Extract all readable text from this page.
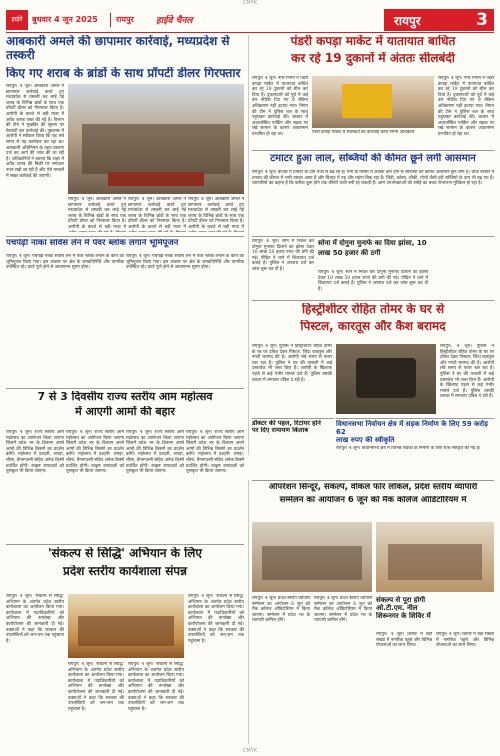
CMYK
हाईवे	बुधवार 4 जून 2025 रायपुर हाईवे चैनल	रायपुर	3
आबकारी अमले की छापामार कार्रवाई, मध्यप्रदेश से तस्करी
किए गए शराब के ब्रांडों के साथ प्रॉपर्टी डीलर गिरफ्तार
रायपुर। 4 जून। आबकारी अमले ने छापामार कार्रवाई करते हुए मध्यप्रदेश से तस्करी कर लाई गई शराब के विभिन्न ब्रांडों के साथ एक प्रॉपर्टी डीलर को गिरफ्तार किया है। आरोपी के कब्जे से बड़ी मात्रा में अवैध शराब जब्त की गई है। विभाग की टीम ने मुखबिर की सूचना पर घेराबंदी कर कार्रवाई की। पूछताछ में आरोपी ने स्वीकार किया कि वह लंबे समय से यह कारोबार कर रहा था। आबकारी अधिनियम के तहत प्रकरण दर्ज कर आगे की जांच की जा रही है। अधिकारियों ने बताया कि शहर में अवैध शराब की बिक्री पर लगातार नजर रखी जा रही है और ऐसे मामलों में सख्त कार्रवाई की जाएगी।
रायपुर। 4 जून। आबकारी अमले ने छापामार कार्रवाई करते हुए मध्यप्रदेश से तस्करी कर लाई गई शराब के विभिन्न ब्रांडों के साथ एक प्रॉपर्टी डीलर को गिरफ्तार किया है। आरोपी के कब्जे से बड़ी मात्रा में
रायपुर। 4 जून। आबकारी अमले ने छापामार कार्रवाई करते हुए मध्यप्रदेश से तस्करी कर लाई गई शराब के विभिन्न ब्रांडों के साथ एक प्रॉपर्टी डीलर को गिरफ्तार किया है। आरोपी के कब्जे से बड़ी मात्रा में
रायपुर। 4 जून। आबकारी अमले ने छापामार कार्रवाई करते हुए मध्यप्रदेश से तस्करी कर लाई गई शराब के विभिन्न ब्रांडों के साथ एक प्रॉपर्टी डीलर को गिरफ्तार किया है। आरोपी के कब्जे से बड़ी मात्रा में
पंडरी कपड़ा मार्केट में यातायात बाधित
कर रहे 19 दुकानों में अंततः सीलबंदी
रायपुर। 4 जून। नगर निगम ने पंडरी कपड़ा मार्केट में यातायात बाधित कर रहे 19 दुकानों को सील कर दिया है। दुकानदारों को पूर्व में कई बार नोटिस दिए गए थे लेकिन अतिक्रमण नहीं हटाया गया। निगम की टीम ने पुलिस बल के साथ पहुंचकर कार्रवाई की। बाजार में अव्यवस्थित पार्किंग और सड़क पर रखे सामान के कारण आवागमन प्रभावित हो रहा था।	पंडरी कपड़ा मार्केट में सीलबंदी की कार्रवाई करते निगम अधिकारी
रायपुर। 4 जून। नगर निगम ने पंडरी कपड़ा मार्केट में यातायात बाधित कर रहे 19 दुकानों को सील कर दिया है। दुकानदारों को पूर्व में कई बार नोटिस दिए गए थे लेकिन अतिक्रमण नहीं हटाया गया। निगम की टीम ने पुलिस बल के साथ पहुंचकर कार्रवाई की। बाजार में अव्यवस्थित पार्किंग और सड़क पर रखे सामान के कारण आवागमन प्रभावित हो रहा था।
टमाटर हुआ लाल, सब्जियों की कीमत छूने लगी आसमान
रायपुर। 4 जून। बाजार में टमाटर के दाम तेजी से बढ़ रहे हैं। गर्मी के मौसम में आवक कम होने से सब्जियों की कीमतें आसमान छूने लगी हैं। थोक बाजार में टमाटर की कीमत में भारी उछाल आया है और चिल्हर में यह और महंगा बिक रहा है। भिंडी, करेला, लौकी, गोभी जैसी हरी सब्जियों के दाम भी बढ़ गए हैं। व्यापारियों का कहना है कि बारिश शुरू होने तक कीमतें ऊंची बनी रह सकती हैं। आम उपभोक्ताओं को रसोई का बजट संभालना मुश्किल हो रहा है।
पचपेढ़ी नाका सर्विस लेन में पेवर ब्लॉक लगाने भूमिपूजन
रायपुर। 4 जून। पचपेढ़ी नाका सर्विस लेन में पेवर ब्लॉक लगाने के कार्य का भूमिपूजन किया गया। इस अवसर पर क्षेत्र के जनप्रतिनिधि और नागरिक उपस्थित रहे। कार्य पूर्ण होने से आवागमन सुगम होगा।
रायपुर। 4 जून। पचपेढ़ी नाका सर्विस लेन में पेवर ब्लॉक लगाने के कार्य का भूमिपूजन किया गया। इस अवसर पर क्षेत्र के जनप्रतिनिधि और नागरिक उपस्थित रहे। कार्य पूर्ण होने से आवागमन सुगम होगा।
सोना में दोगुना मुनाफे का दिया झांसा, 10
लाख 50 हजार की ठगी
रायपुर। 4 जून। सोने में निवेश कर दोगुना मुनाफा दिलाने का झांसा देकर 10 लाख 50 हजार रुपए की ठगी की गई। पीड़ित ने थाने में शिकायत दर्ज कराई है। पुलिस ने अपराध दर्ज कर जांच शुरू कर दी है।
रायपुर। 4 जून। सोने में निवेश कर दोगुना मुनाफा दिलाने का झांसा देकर 10 लाख 50 हजार रुपए की ठगी की गई। पीड़ित ने थाने में शिकायत दर्ज कराई है। पुलिस ने अपराध दर्ज कर जांच शुरू कर दी है।
हिस्ट्रीशीटर रोहित तोमर के घर से
पिस्टल, कारतूस और कैश बरामद
रायपुर। 4 जून। पुलिस ने हिस्ट्रीशीटर रोहित तोमर के घर पर दबिश देकर पिस्टल, जिंदा कारतूस और नगदी बरामद की है। आरोपी लंबे समय से फरार चल रहा है। पुलिस ने घर की तलाशी में कई दस्तावेज भी जब्त किए हैं। आरोपी के खिलाफ पहले से कई गंभीर मामले दर्ज हैं। पुलिस उसकी तलाश में लगातार दबिश दे रही है।
रायपुर। 4 जून। पुलिस ने हिस्ट्रीशीटर रोहित तोमर के घर पर दबिश देकर पिस्टल, जिंदा कारतूस और नगदी बरामद की है। आरोपी लंबे समय से फरार चल रहा है। पुलिस ने घर की तलाशी में कई दस्तावेज भी जब्त किए हैं। आरोपी के खिलाफ पहले से कई गंभीर मामले दर्ज हैं। पुलिस उसकी तलाश में लगातार दबिश दे रही है।
डॉक्टर की पहल, रिटायर होने
पर दिए रामायण किताब
विधानसभा निर्वाचन क्षेत्र में सड़क निर्माण के लिए 59 करोड़ 62
लाख रुपए की स्वीकृति
रायपुर। 4 जून। विधानसभा क्षेत्र में विभिन्न सड़कों के निर्माण के लिए राशि स्वीकृत की गई है।
7 से 3 दिवसीय राज्य स्तरीय आम महोत्सव
में आएगी आमों की बहार
रायपुर। 4 जून। राज्य स्तरीय आम महोत्सव का आयोजन किया जाएगा जिसमें प्रदेश भर के किसान अपने आमों की विभिन्न किस्मों का प्रदर्शन करेंगे। महोत्सव में दशहरी, लंगड़ा, चौसा, बैगनपल्ली सहित अनेक किस्में प्रदर्शित होंगी। उत्कृष्ट उत्पादकों को पुरस्कृत भी किया जाएगा।
रायपुर। 4 जून। राज्य स्तरीय आम महोत्सव का आयोजन किया जाएगा जिसमें प्रदेश भर के किसान अपने आमों की विभिन्न किस्मों का प्रदर्शन करेंगे। महोत्सव में दशहरी, लंगड़ा, चौसा, बैगनपल्ली सहित अनेक किस्में प्रदर्शित होंगी। उत्कृष्ट उत्पादकों को पुरस्कृत भी किया जाएगा।
रायपुर। 4 जून। राज्य स्तरीय आम महोत्सव का आयोजन किया जाएगा जिसमें प्रदेश भर के किसान अपने आमों की विभिन्न किस्मों का प्रदर्शन करेंगे। महोत्सव में दशहरी, लंगड़ा, चौसा, बैगनपल्ली सहित अनेक किस्में प्रदर्शित होंगी। उत्कृष्ट उत्पादकों को पुरस्कृत भी किया जाएगा।
रायपुर। 4 जून। राज्य स्तरीय आम महोत्सव का आयोजन किया जाएगा जिसमें प्रदेश भर के किसान अपने आमों की विभिन्न किस्मों का प्रदर्शन करेंगे। महोत्सव में दशहरी, लंगड़ा, चौसा, बैगनपल्ली सहित अनेक किस्में प्रदर्शित होंगी। उत्कृष्ट उत्पादकों को पुरस्कृत भी किया जाएगा।
'संकल्प से सिद्धि' अभियान के लिए
प्रदेश स्तरीय कार्यशाला संपन्न
रायपुर। 4 जून। 'संकल्प से सिद्धि' अभियान के अंतर्गत प्रदेश स्तरीय कार्यशाला का आयोजन किया गया। कार्यशाला में पदाधिकारियों को अभियान की रूपरेखा और कार्ययोजना की जानकारी दी गई। वक्ताओं ने कहा कि सरकार की उपलब्धियों को जन-जन तक पहुंचाना है।
रायपुर। 4 जून। 'संकल्प से सिद्धि' अभियान के अंतर्गत प्रदेश स्तरीय कार्यशाला का आयोजन किया गया। कार्यशाला में पदाधिकारियों को अभियान की रूपरेखा और कार्ययोजना की जानकारी दी गई। वक्ताओं ने कहा कि सरकार की उपलब्धियों को जन-जन तक पहुंचाना है।
रायपुर। 4 जून। 'संकल्प से सिद्धि' अभियान के अंतर्गत प्रदेश स्तरीय कार्यशाला का आयोजन किया गया। कार्यशाला में पदाधिकारियों को अभियान की रूपरेखा और कार्ययोजना की जानकारी दी गई। वक्ताओं ने कहा कि सरकार की उपलब्धियों को जन-जन तक पहुंचाना है।
रायपुर। 4 जून। 'संकल्प से सिद्धि' अभियान के अंतर्गत प्रदेश स्तरीय कार्यशाला का आयोजन किया गया। कार्यशाला में पदाधिकारियों को अभियान की रूपरेखा और कार्ययोजना की जानकारी दी गई। वक्ताओं ने कहा कि सरकार की उपलब्धियों को जन-जन तक पहुंचाना है।
ऑपरेशन सिन्दूर, संकल्प, वोकल फॉर लोकल, प्रदेश स्तरीय व्यापारी
सम्मेलन का आयोजन 6 जून को मैक कॉलेज ऑडिटोरियम में
रायपुर। 4 जून। प्रदेश स्तरीय व्यापारी सम्मेलन का आयोजन 6 जून को मैक कॉलेज ऑडिटोरियम में किया जाएगा। सम्मेलन में प्रदेश भर के व्यापारी शामिल होंगे।
रायपुर। 4 जून। प्रदेश स्तरीय व्यापारी सम्मेलन का आयोजन 6 जून को मैक कॉलेज ऑडिटोरियम में किया जाएगा। सम्मेलन में प्रदेश भर के व्यापारी शामिल होंगे।
संकल्प से पूरा होगी
ओ.टी.एम. नील
शिरूनगर के शिविर में
रायपुर। 4 जून। शिविर में बड़ी संख्या में नागरिक पहुंचे और विभिन्न योजनाओं का लाभ लिया।
रायपुर। 4 जून। शिविर में बड़ी संख्या में नागरिक पहुंचे और विभिन्न योजनाओं का लाभ लिया।
CMYK
